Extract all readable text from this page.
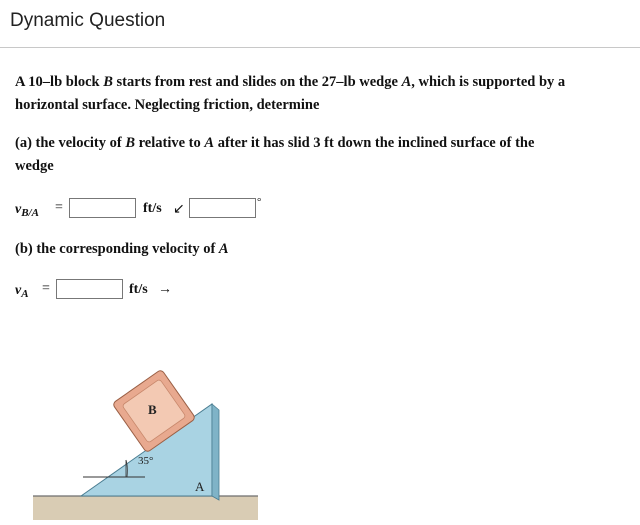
Dynamic Question
A 10–lb block B starts from rest and slides on the 27–lb wedge A, which is supported by a
horizontal surface. Neglecting friction, determine
(a) the velocity of B relative to A after it has slid 3 ft down the inclined surface of the
wedge
$v_{B/A}$ =	ft/s ↙	°
(b) the corresponding velocity of A
$v_A$ =	ft/s →
35°
A
B
